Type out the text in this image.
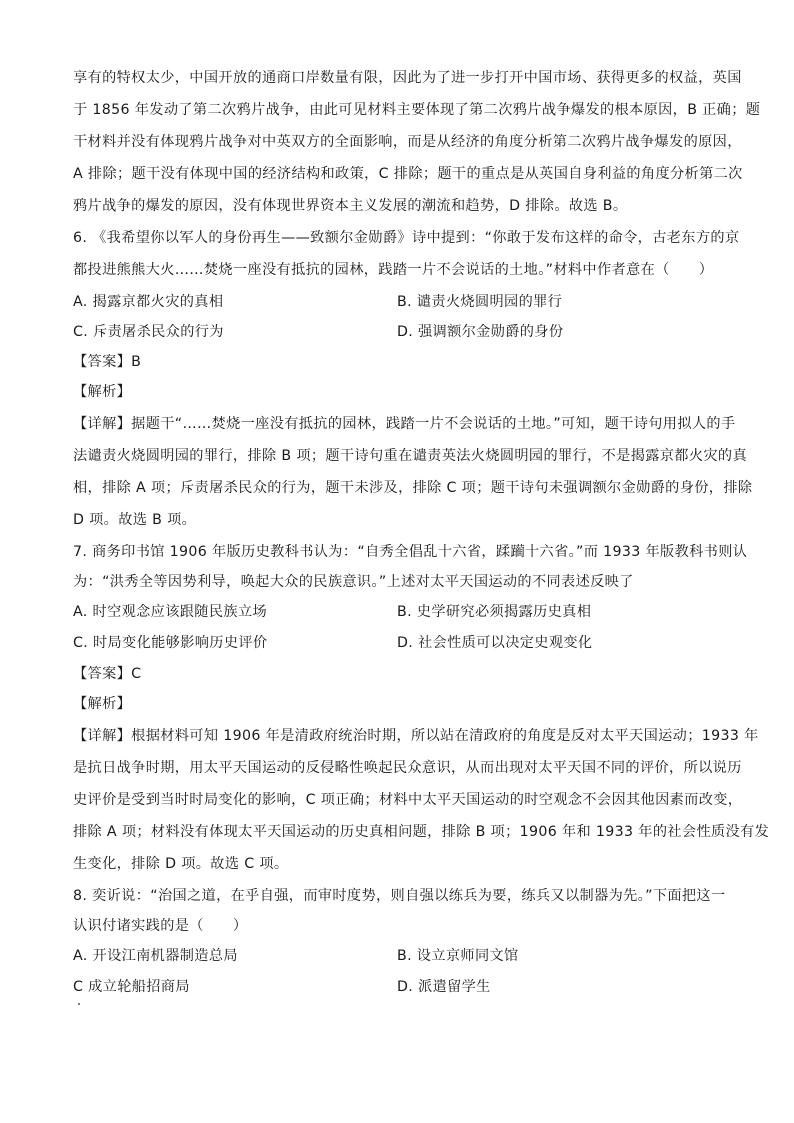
享有的特权太少，中国开放的通商口岸数量有限，因此为了进一步打开中国市场、获得更多的权益，英国
于 1856 年发动了第二次鸦片战争，由此可见材料主要体现了第二次鸦片战争爆发的根本原因，B 正确；题
干材料并没有体现鸦片战争对中英双方的全面影响，而是从经济的角度分析第二次鸦片战争爆发的原因，
A 排除；题干没有体现中国的经济结构和政策，C 排除；题干的重点是从英国自身利益的角度分析第二次
鸦片战争的爆发的原因，没有体现世界资本主义发展的潮流和趋势，D 排除。故选 B。
6. 《我希望你以军人的身份再生——致额尔金勋爵》诗中提到：“你敢于发布这样的命令，古老东方的京
都投进熊熊大火……焚烧一座没有抵抗的园林，践踏一片不会说话的土地。”材料中作者意在（　　）
A. 揭露京都火灾的真相	B. 谴责火烧圆明园的罪行
C. 斥责屠杀民众的行为	D. 强调额尔金勋爵的身份
【答案】B
【解析】
【详解】据题干“……焚烧一座没有抵抗的园林，践踏一片不会说话的土地。”可知，题干诗句用拟人的手
法谴责火烧圆明园的罪行，排除 B 项；题干诗句重在谴责英法火烧圆明园的罪行，不是揭露京都火灾的真
相，排除 A 项；斥责屠杀民众的行为，题干未涉及，排除 C 项；题干诗句未强调额尔金勋爵的身份，排除
D 项。故选 B 项。
7. 商务印书馆 1906 年版历史教科书认为：“自秀全倡乱十六省，蹂躏十六省。”而 1933 年版教科书则认
为：“洪秀全等因势利导，唤起大众的民族意识。”上述对太平天国运动的不同表述反映了
A. 时空观念应该跟随民族立场	B. 史学研究必须揭露历史真相
C. 时局变化能够影响历史评价	D. 社会性质可以决定史观变化
【答案】C
【解析】
【详解】根据材料可知 1906 年是清政府统治时期，所以站在清政府的角度是反对太平天国运动；1933 年
是抗日战争时期，用太平天国运动的反侵略性唤起民众意识，从而出现对太平天国不同的评价，所以说历
史评价是受到当时时局变化的影响，C 项正确；材料中太平天国运动的时空观念不会因其他因素而改变，
排除 A 项；材料没有体现太平天国运动的历史真相问题，排除 B 项；1906 年和 1933 年的社会性质没有发
生变化，排除 D 项。故选 C 项。
8. 奕䜣说：“治国之道，在乎自强，而审时度势，则自强以练兵为要，练兵又以制器为先。”下面把这一
认识付诸实践的是（　　）
A. 开设江南机器制造总局	B. 设立京师同文馆
C 成立轮船招商局	D. 派遣留学生
